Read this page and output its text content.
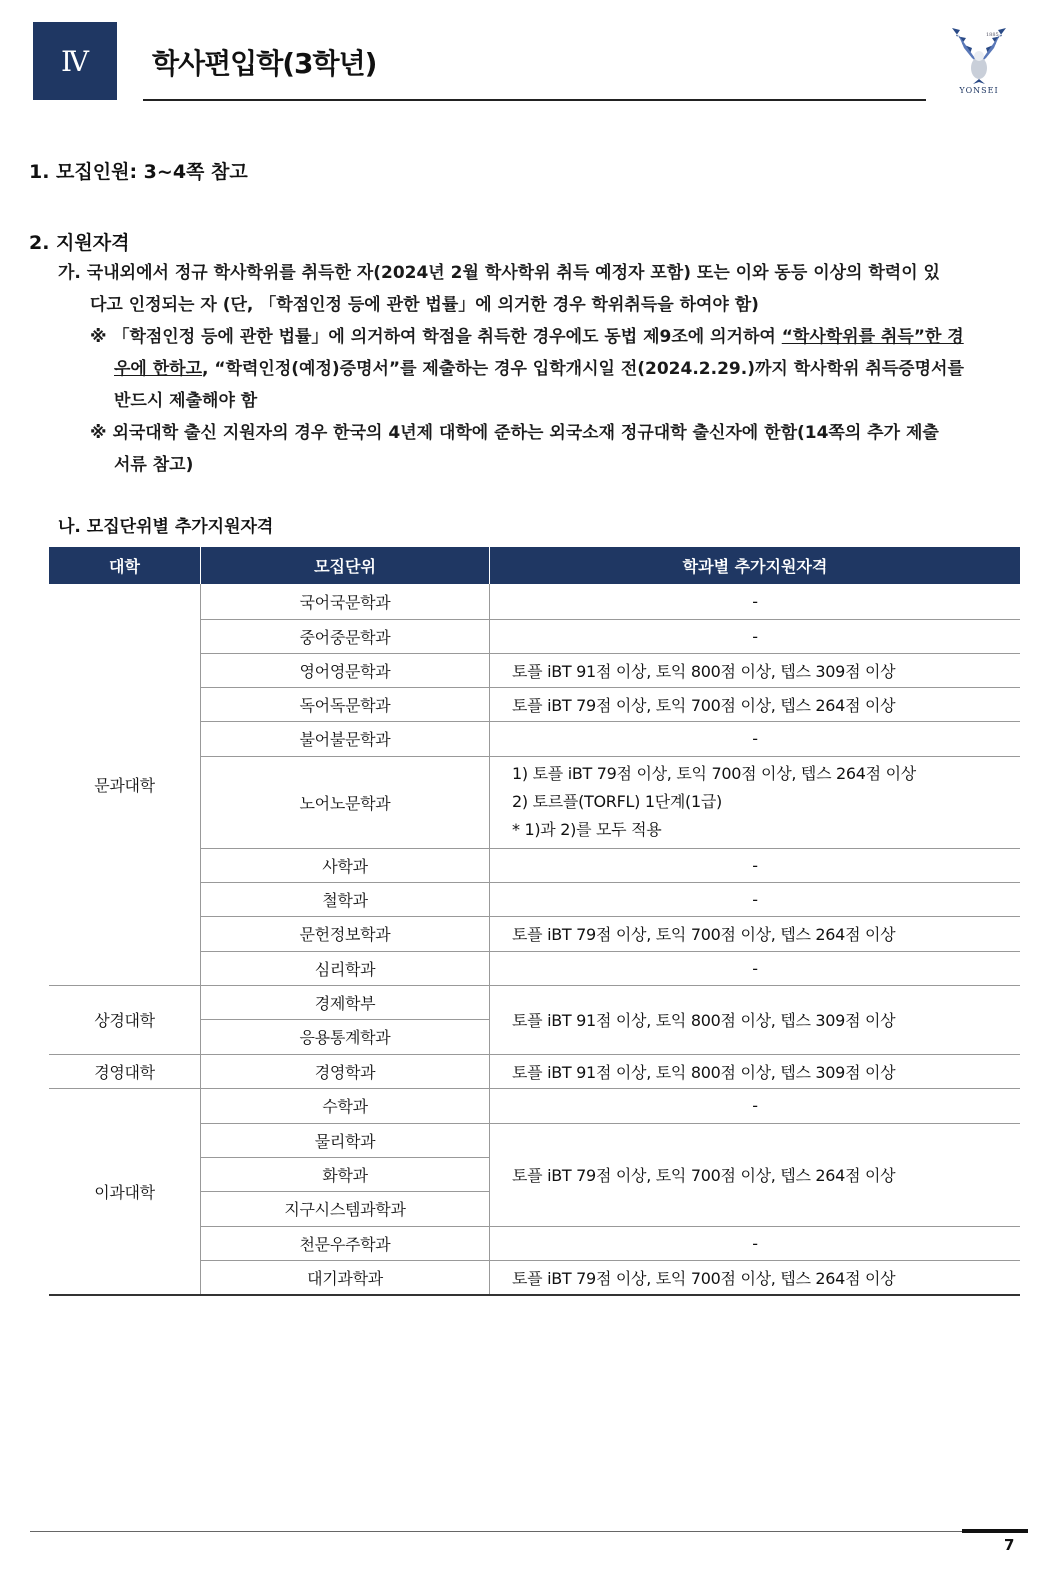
Ⅳ 학사편입학(3학년)
1885
YONSEI
1. 모집인원: 3~4쪽 참고
2. 지원자격
가. 국내외에서 정규 학사학위를 취득한 자(2024년 2월 학사학위 취득 예정자 포함) 또는 이와 동등 이상의 학력이 있
다고 인정되는 자 (단, 「학점인정 등에 관한 법률」에 의거한 경우 학위취득을 하여야 함)
※ 「학점인정 등에 관한 법률」에 의거하여 학점을 취득한 경우에도 동법 제9조에 의거하여 “학사학위를 취득”한 경
우에 한하고, “학력인정(예정)증명서”를 제출하는 경우 입학개시일 전(2024.2.29.)까지 학사학위 취득증명서를
반드시 제출해야 함
※ 외국대학 출신 지원자의 경우 한국의 4년제 대학에 준하는 외국소재 정규대학 출신자에 한함(14쪽의 추가 제출
서류 참고)
나. 모집단위별 추가지원자격
대학	모집단위	학과별 추가지원자격
문과대학
상경대학
경영대학
이과대학
국어국문학과
중어중문학과
영어영문학과
독어독문학과
불어불문학과
노어노문학과
사학과
철학과
문헌정보학과
심리학과
경제학부
응용통계학과
경영학과
수학과
물리학과
화학과
지구시스템과학과
천문우주학과
대기과학과
-
-
토플 iBT 91점 이상, 토익 800점 이상, 텝스 309점 이상
토플 iBT 79점 이상, 토익 700점 이상, 텝스 264점 이상
-
1) 토플 iBT 79점 이상, 토익 700점 이상, 텝스 264점 이상
2) 토르플(TORFL) 1단계(1급)
* 1)과 2)를 모두 적용
-
-
토플 iBT 79점 이상, 토익 700점 이상, 텝스 264점 이상
-
토플 iBT 91점 이상, 토익 800점 이상, 텝스 309점 이상
토플 iBT 91점 이상, 토익 800점 이상, 텝스 309점 이상
-
토플 iBT 79점 이상, 토익 700점 이상, 텝스 264점 이상
-
토플 iBT 79점 이상, 토익 700점 이상, 텝스 264점 이상
7
